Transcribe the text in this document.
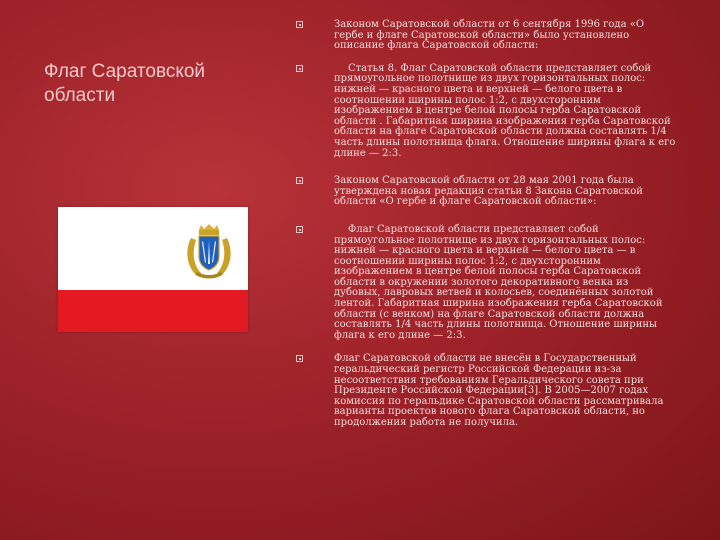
Флаг Саратовской области
Законом Саратовской области от 6 сентября 1996 года «О гербе и флаге Саратовской области» было установлено описание флага Саратовской области:
Статья 8. Флаг Саратовской области представляет собой прямоугольное полотнище из двух горизонтальных полос: нижней — красного цвета и верхней — белого цвета в соотношении ширины полос 1:2, с двухсторонним изображением в центре белой полосы герба Саратовской области . Габаритная ширина изображения герба Саратовской области на флаге Саратовской области должна составлять 1/4 часть длины полотнища флага. Отношение ширины флага к его длине — 2:3.
Законом Саратовской области от 28 мая 2001 года была утверждена новая редакция статьи 8 Закона Саратовской области «О гербе и флаге Саратовской области»:
Флаг Саратовской области представляет собой прямоугольное полотнище из двух горизонтальных полос: нижней — красного цвета и верхней — белого цвета — в соотношении ширины полос 1:2, с двухсторонним изображением в центре белой полосы герба Саратовской области в окружении золотого декоративного венка из дубовых, лавровых ветвей и колосьев, соединённых золотой лентой. Габаритная ширина изображения герба Саратовской области (с венком) на флаге Саратовской области должна составлять 1/4 часть длины полотнища. Отношение ширины флага к его длине — 2:3.
Флаг Саратовской области не внесён в Государственный геральдический регистр Российской Федерации из-за несоответствия требованиям Геральдического совета при Президенте Российской Федерации[3]. В 2005—2007 годах комиссия по геральдике Саратовской области рассматривала варианты проектов нового флага Саратовской области, но продолжения работа не получила.
